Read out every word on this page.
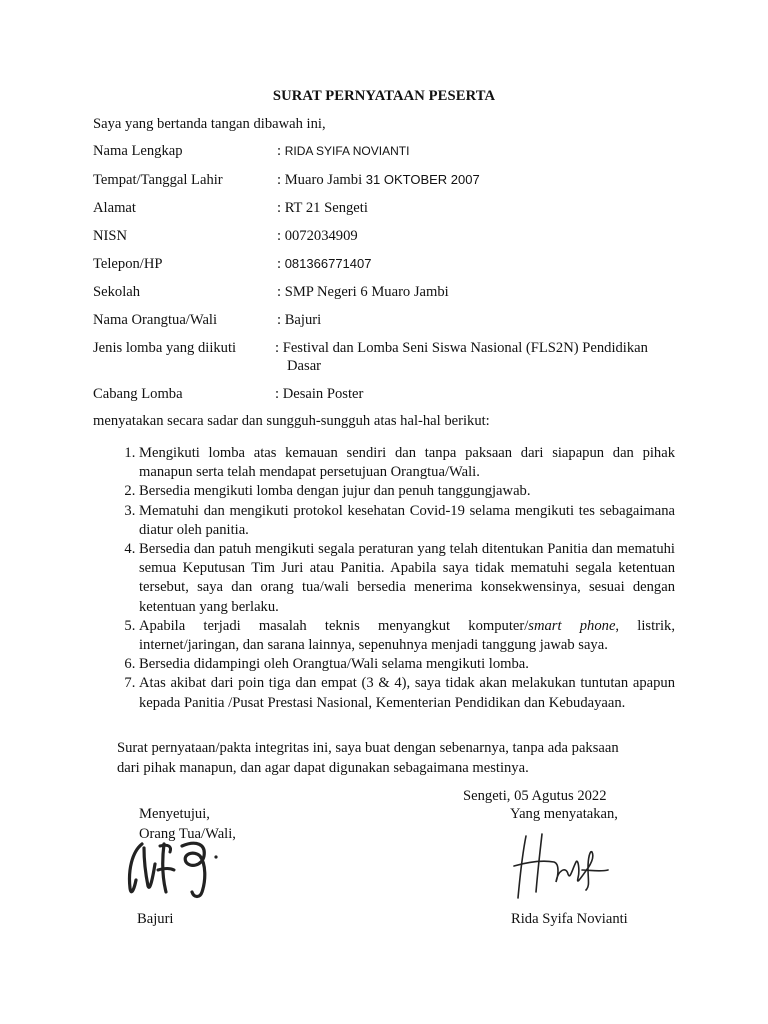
SURAT PERNYATAAN PESERTA
Saya yang bertanda tangan dibawah ini,
Nama Lengkap	: RIDA SYIFA NOVIANTI
Tempat/Tanggal Lahir	: Muaro Jambi 31 OKTOBER 2007
Alamat	: RT 21 Sengeti
NISN	: 0072034909
Telepon/HP	: 081366771407
Sekolah	: SMP Negeri 6 Muaro Jambi
Nama Orangtua/Wali	: Bajuri
Jenis lomba yang diikuti	: Festival dan Lomba Seni Siswa Nasional (FLS2N) Pendidikan
Dasar
Cabang Lomba	: Desain Poster
menyatakan secara sadar dan sungguh-sungguh atas hal-hal berikut:
1. Mengikuti lomba atas kemauan sendiri dan tanpa paksaan dari siapapun dan pihak manapun serta telah mendapat persetujuan Orangtua/Wali.
2. Bersedia mengikuti lomba dengan jujur dan penuh tanggungjawab.
3. Mematuhi dan mengikuti protokol kesehatan Covid-19 selama mengikuti tes sebagaimana diatur oleh panitia.
4. Bersedia dan patuh mengikuti segala peraturan yang telah ditentukan Panitia dan mematuhi semua Keputusan Tim Juri atau Panitia. Apabila saya tidak mematuhi segala ketentuan tersebut, saya dan orang tua/wali bersedia menerima konsekwensinya, sesuai dengan ketentuan yang berlaku.
5. Apabila terjadi masalah teknis menyangkut komputer/smart phone, listrik, internet/jaringan, dan sarana lainnya, sepenuhnya menjadi tanggung jawab saya.
6. Bersedia didampingi oleh Orangtua/Wali selama mengikuti lomba.
7. Atas akibat dari poin tiga dan empat (3 & 4), saya tidak akan melakukan tuntutan apapun kepada Panitia /Pusat Prestasi Nasional, Kementerian Pendidikan dan Kebudayaan.
Surat pernyataan/pakta integritas ini, saya buat dengan sebenarnya, tanpa ada paksaan dari pihak manapun, dan agar dapat digunakan sebagaimana mestinya.
Sengeti, 05 Agutus 2022
Menyetujui,
Orang Tua/Wali,
Yang menyatakan,
Bajuri	Rida Syifa Novianti
